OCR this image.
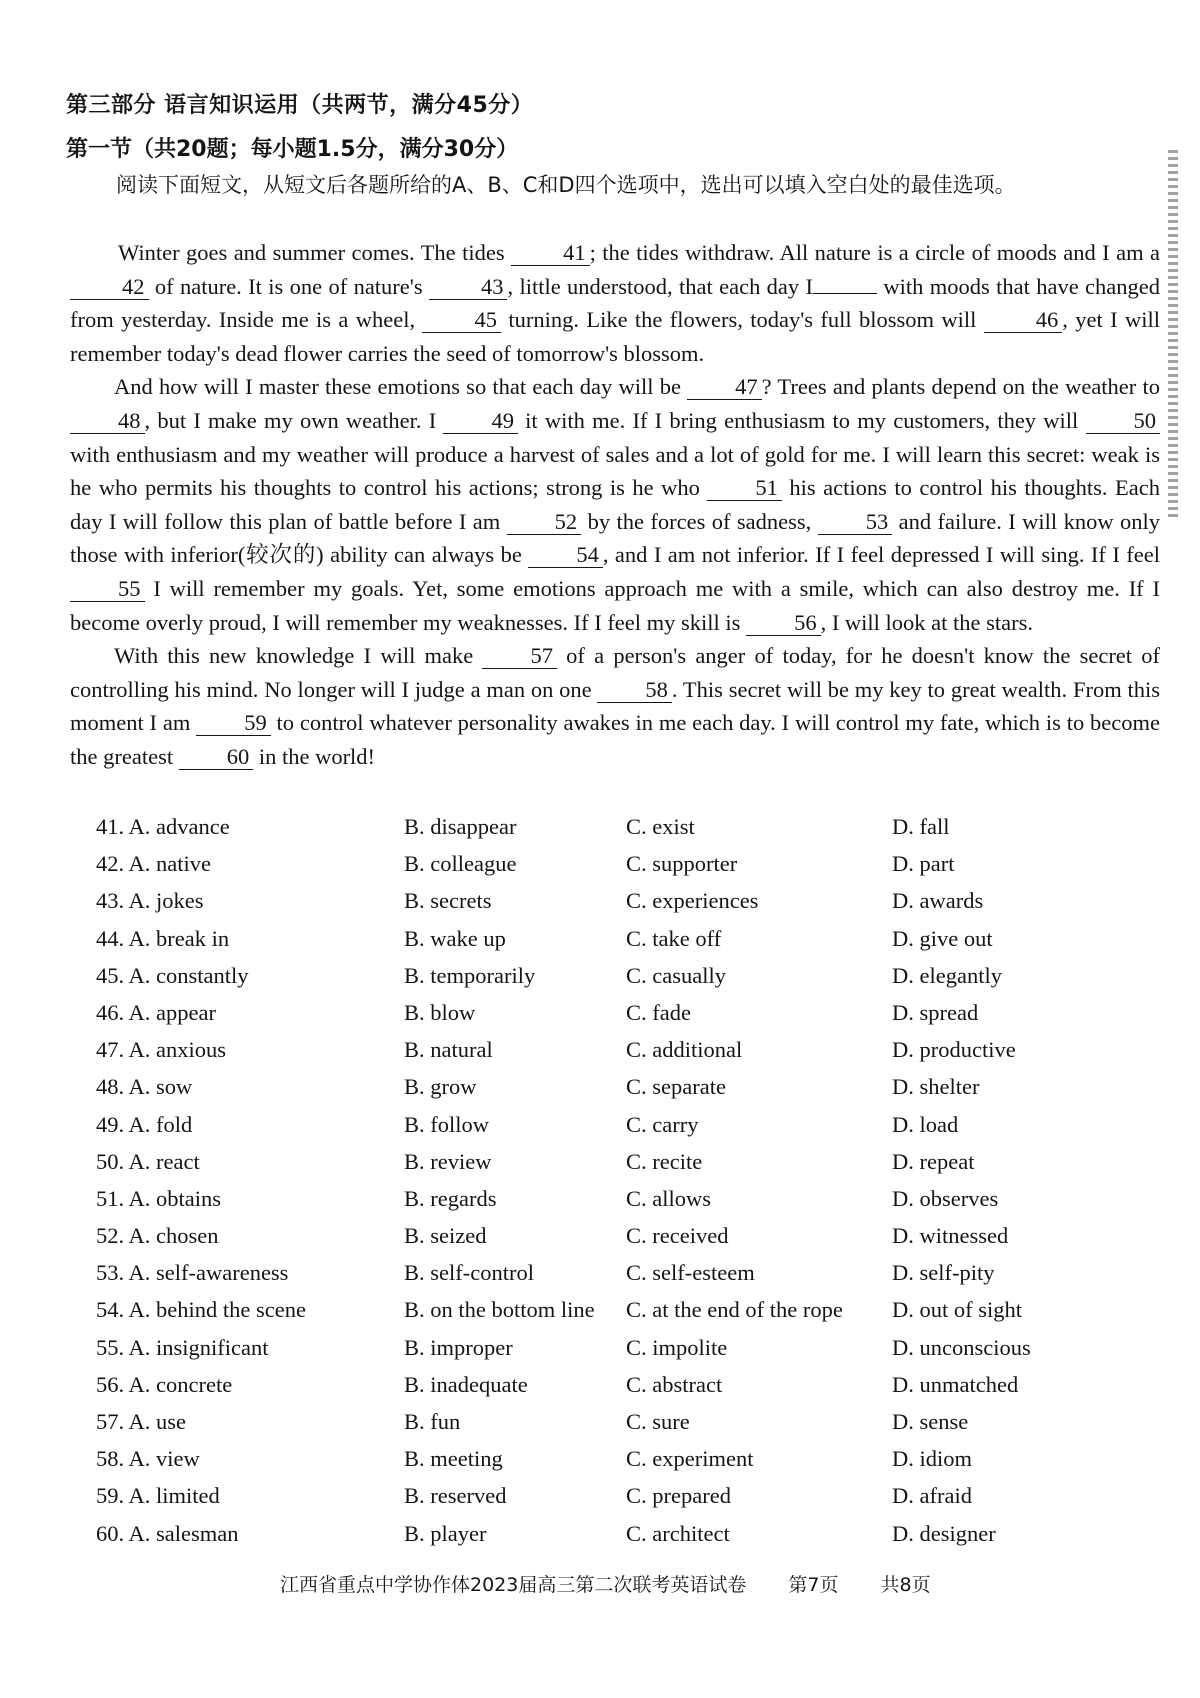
第三部分 语言知识运用（共两节，满分45分）
第一节（共20题；每小题1.5分，满分30分）
阅读下面短文，从短文后各题所给的A、B、C和D四个选项中，选出可以填入空白处的最佳选项。

Winter goes and summer comes. The tides 41 ; the tides withdraw. All nature is a circle of moods and I am a 42 of nature. It is one of nature's 43 , little understood, that each day I	with moods that have changed from yesterday. Inside me is a wheel, 45 turning. Like the flowers, today's full blossom will 46 , yet I will remember today's dead flower carries the seed of tomorrow's blossom.

And how will I master these emotions so that each day will be 47 ? Trees and plants depend on the weather to 48 , but I make my own weather. I 49 it with me. If I bring enthusiasm to my customers, they will 50 with enthusiasm and my weather will produce a harvest of sales and a lot of gold for me. I will learn this secret: weak is he who permits his thoughts to control his actions; strong is he who 51 his actions to control his thoughts. Each day I will follow this plan of battle before I am 52 by the forces of sadness, 53 and failure. I will know only those with inferior(较次的) ability can always be 54 , and I am not inferior. If I feel depressed I will sing. If I feel 55 I will remember my goals. Yet, some emotions approach me with a smile, which can also destroy me. If I become overly proud, I will remember my weaknesses. If I feel my skill is 56 , I will look at the stars.

With this new knowledge I will make 57 of a person's anger of today, for he doesn't know the secret of controlling his mind. No longer will I judge a man on one 58 . This secret will be my key to great wealth. From this moment I am 59 to control whatever personality awakes in me each day. I will control my fate, which is to become the greatest 60 in the world!

41. A. advance	B. disappear	C. exist	D. fall
42. A. native	B. colleague	C. supporter	D. part
43. A. jokes	B. secrets	C. experiences	D. awards
44. A. break in	B. wake up	C. take off	D. give out
45. A. constantly	B. temporarily	C. casually	D. elegantly
46. A. appear	B. blow	C. fade	D. spread
47. A. anxious	B. natural	C. additional	D. productive
48. A. sow	B. grow	C. separate	D. shelter
49. A. fold	B. follow	C. carry	D. load
50. A. react	B. review	C. recite	D. repeat
51. A. obtains	B. regards	C. allows	D. observes
52. A. chosen	B. seized	C. received	D. witnessed
53. A. self-awareness	B. self-control	C. self-esteem	D. self-pity
54. A. behind the scene	B. on the bottom line C. at the end of the rope D. out of sight
55. A. insignificant	B. improper	C. impolite	D. unconscious
56. A. concrete	B. inadequate	C. abstract	D. unmatched
57. A. use	B. fun	C. sure	D. sense
58. A. view	B. meeting	C. experiment	D. idiom
59. A. limited	B. reserved	C. prepared	D. afraid
60. A. salesman	B. player	C. architect	D. designer
江西省重点中学协作体2023届高三第二次联考英语试卷 第7页 共8页
